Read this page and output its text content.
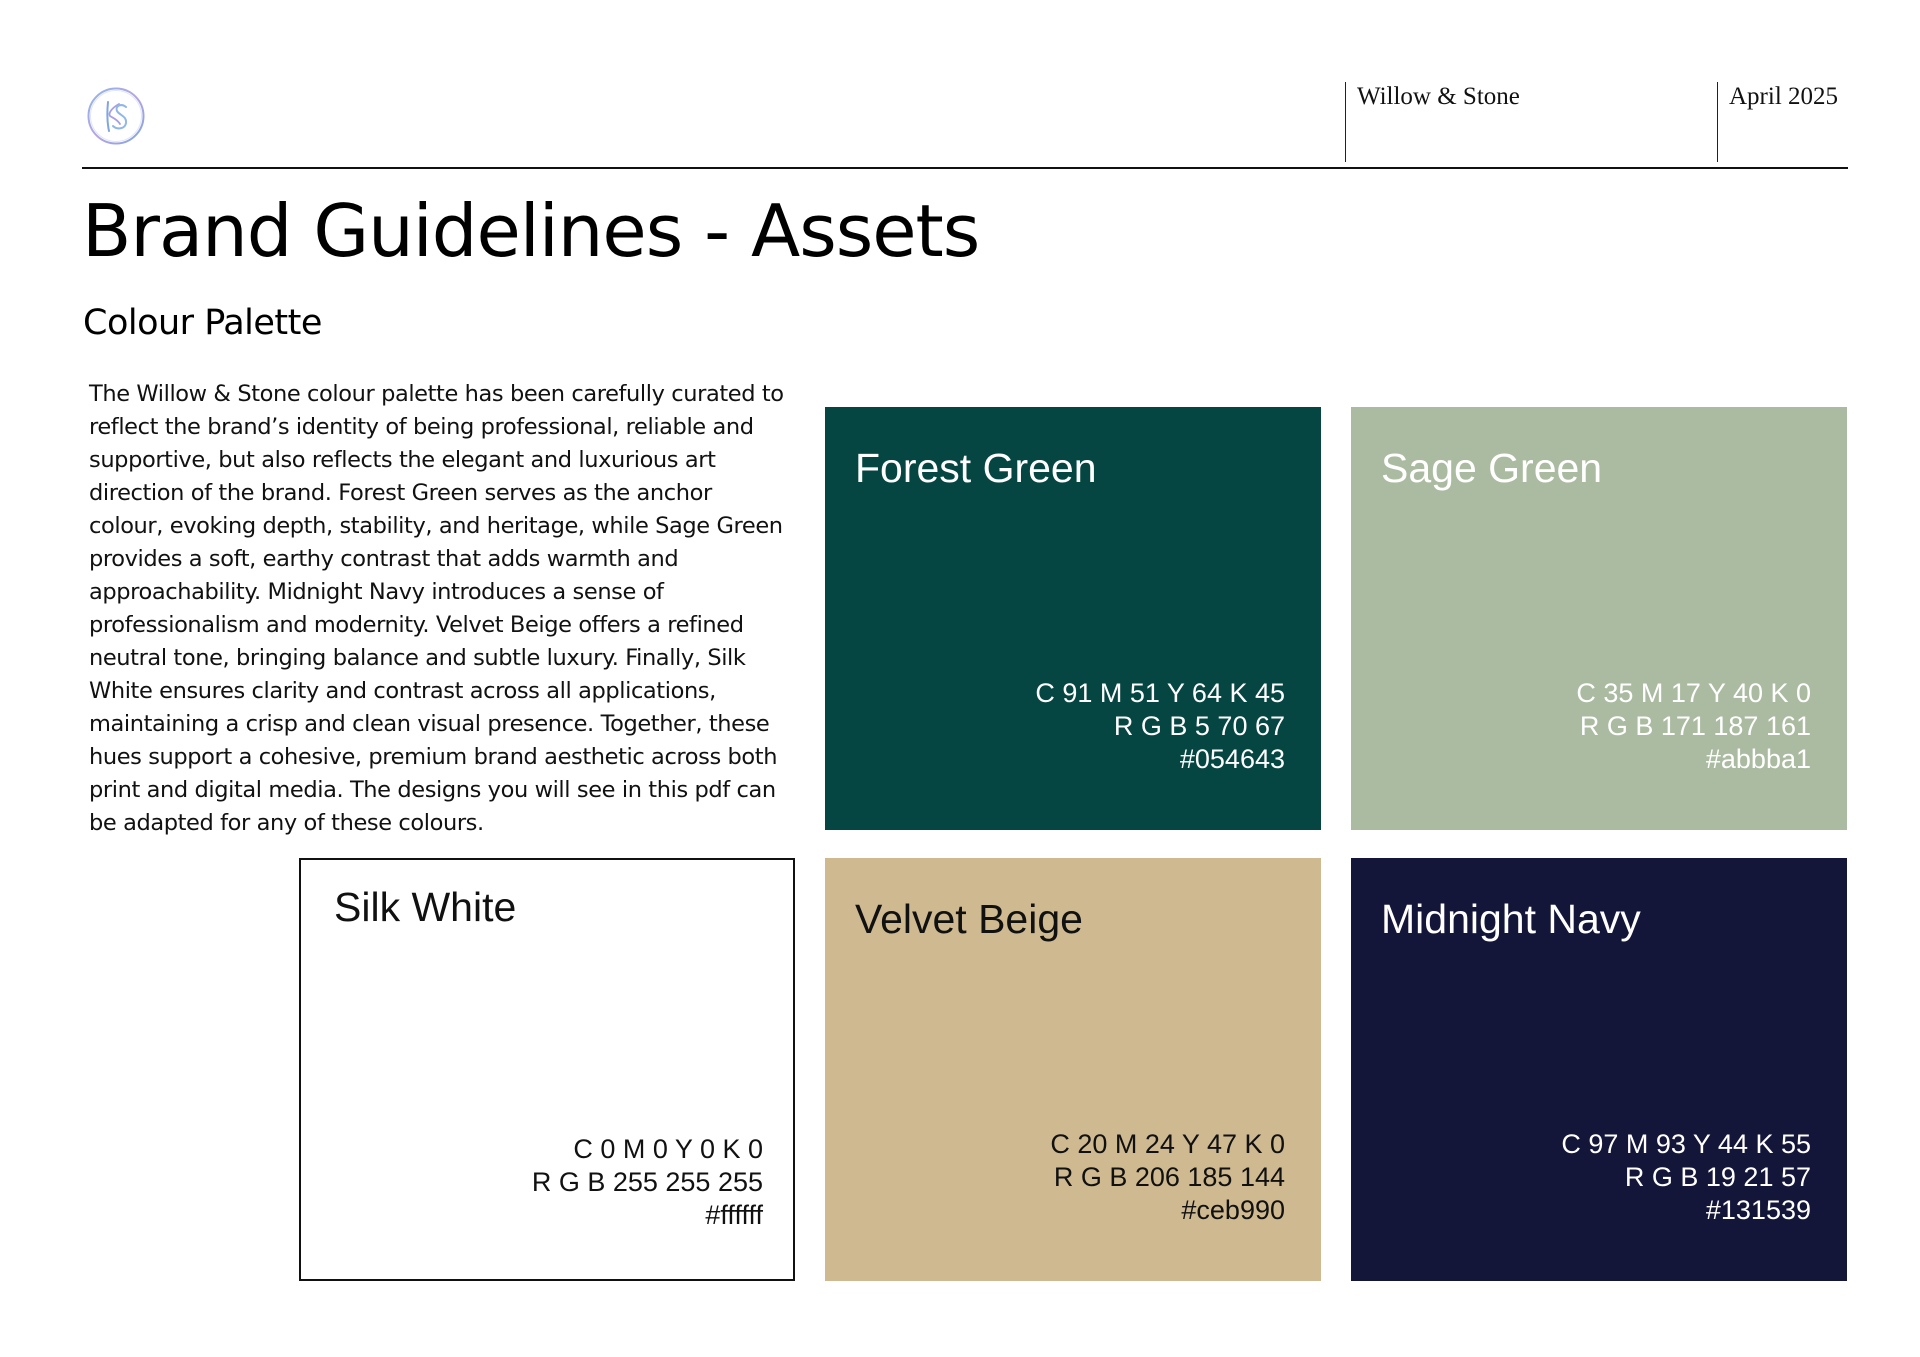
Willow & Stone	April 2025
Brand Guidelines - Assets
Colour Palette

The Willow & Stone colour palette has been carefully curated to reflect the brand’s identity of being professional, reliable and supportive, but also reflects the elegant and luxurious art direction of the brand. Forest Green serves as the anchor colour, evoking depth, stability, and heritage, while Sage Green provides a soft, earthy contrast that adds warmth and approachability. Midnight Navy introduces a sense of professionalism and modernity. Velvet Beige offers a refined neutral tone, bringing balance and subtle luxury. Finally, Silk White ensures clarity and contrast across all applications, maintaining a crisp and clean visual presence. Together, these hues support a cohesive, premium brand aesthetic across both print and digital media. The designs you will see in this pdf can be adapted for any of these colours.

Forest Green
C 91 M 51 Y 64 K 45
R G B 5 70 67
#054643
Sage Green
C 35 M 17 Y 40 K 0
R G B 171 187 161
#abbba1
Silk White
C 0 M 0 Y 0 K 0
R G B 255 255 255
#ffffff
Velvet Beige
C 20 M 24 Y 47 K 0
R G B 206 185 144
#ceb990
Midnight Navy
C 97 M 93 Y 44 K 55
R G B 19 21 57
#131539
